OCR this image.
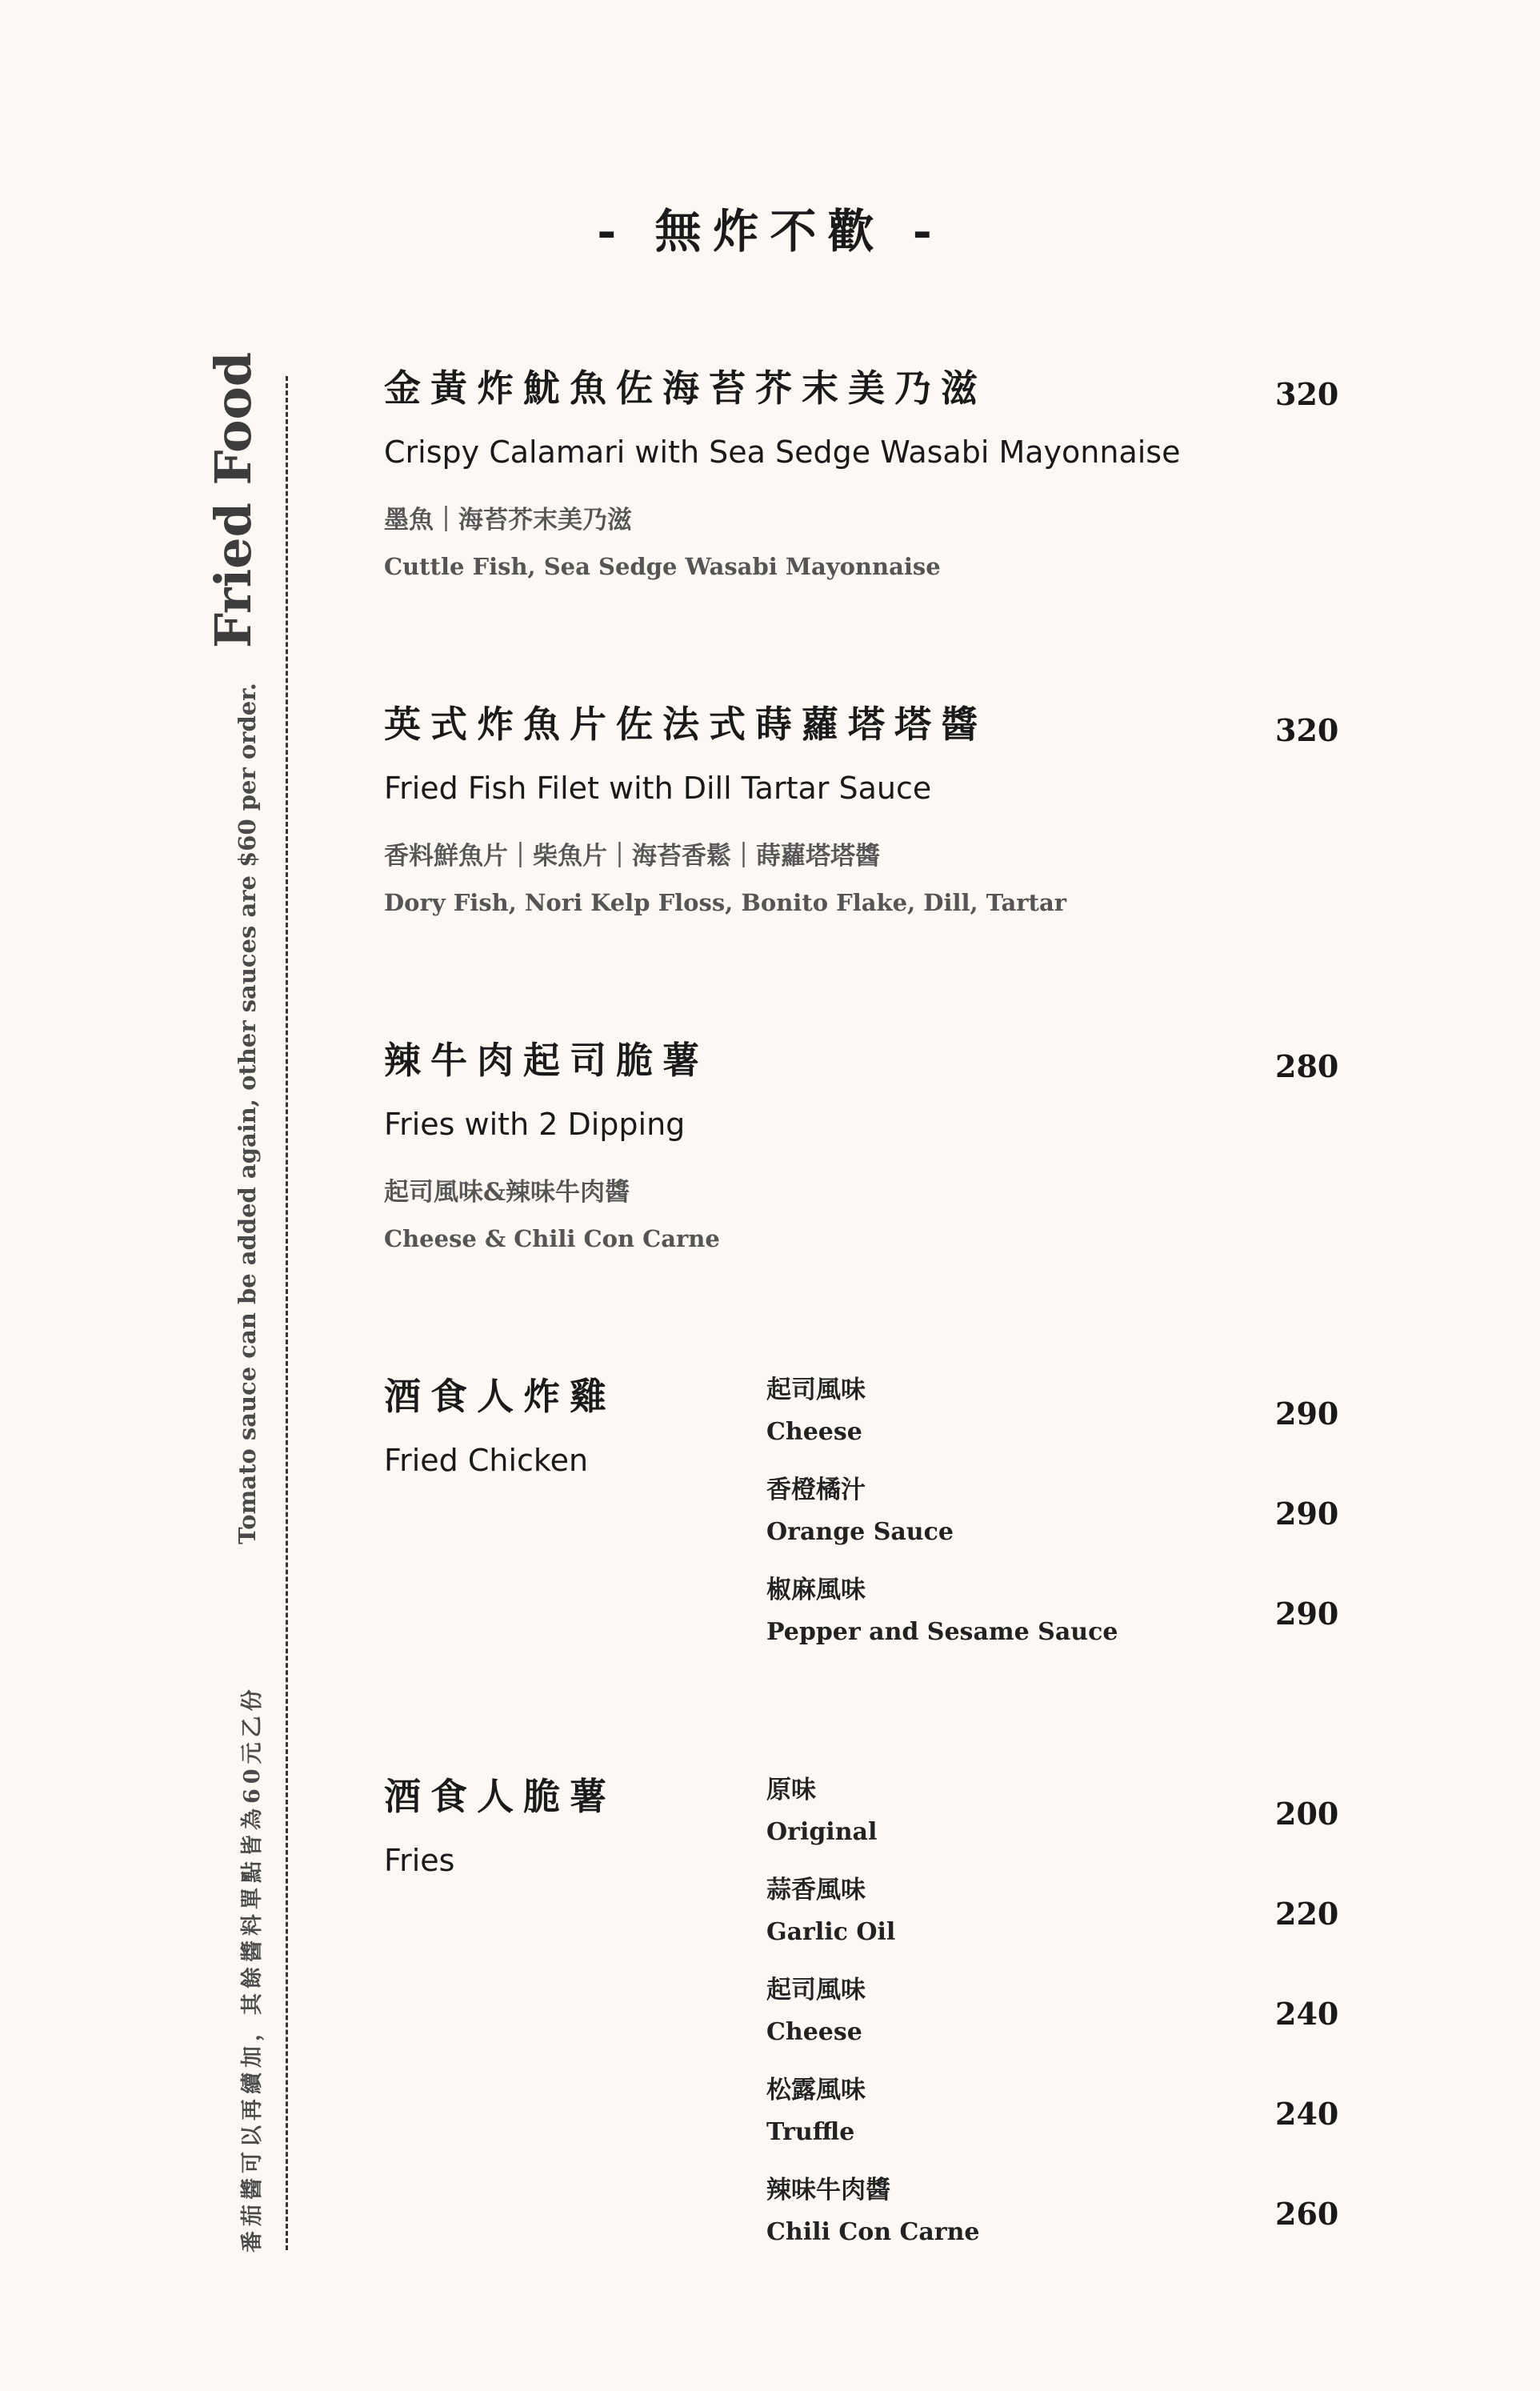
- 無炸不歡 -
Fried Food
Tomato sauce can be added again, other sauces are $60 per order.
番茄醬可以再續加，其餘醬料單點皆為60元乙份
金黃炸魷魚佐海苔芥末美乃滋
Crispy Calamari with Sea Sedge Wasabi Mayonnaise
320
墨魚｜海苔芥末美乃滋
Cuttle Fish, Sea Sedge Wasabi Mayonnaise
英式炸魚片佐法式蒔蘿塔塔醬
Fried Fish Filet with Dill Tartar Sauce
320
香料鮮魚片｜柴魚片｜海苔香鬆｜蒔蘿塔塔醬
Dory Fish, Nori Kelp Floss, Bonito Flake, Dill, Tartar
辣牛肉起司脆薯
Fries with 2 Dipping
280
起司風味&辣味牛肉醬
Cheese & Chili Con Carne
酒食人炸雞
Fried Chicken
起司風味
Cheese
290
香橙橘汁
Orange Sauce
290
椒麻風味
Pepper and Sesame Sauce
290
酒食人脆薯
Fries
原味
Original
200
蒜香風味
Garlic Oil
220
起司風味
Cheese
240
松露風味
Truffle
240
辣味牛肉醬
Chili Con Carne
260
